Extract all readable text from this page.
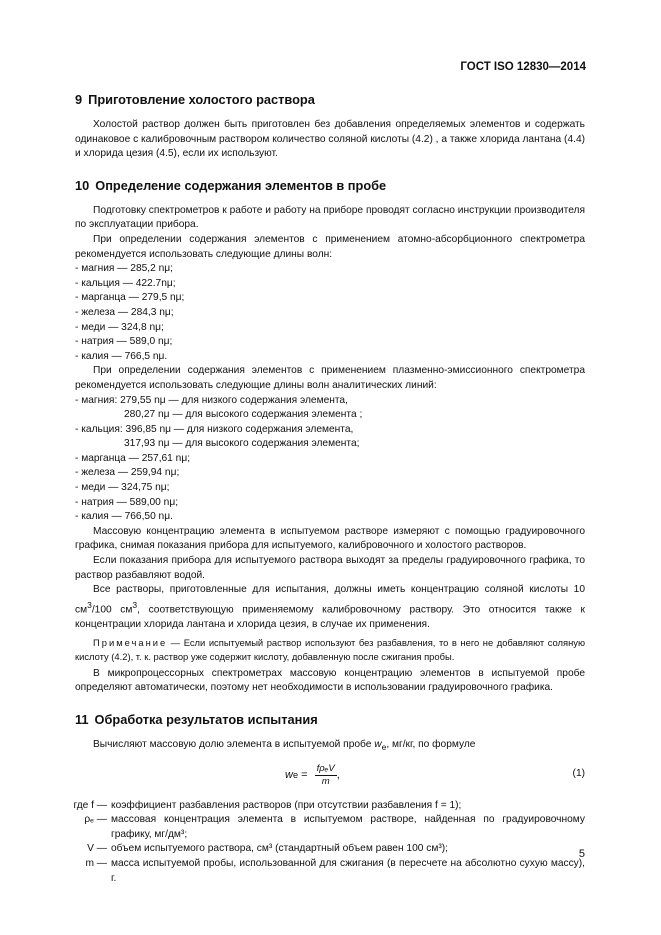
ГОСТ ISO 12830—2014
9 Приготовление холостого раствора

Холостой раствор должен быть приготовлен без добавления определяемых элементов и содержать одинаковое с калибровочным раствором количество соляной кислоты (4.2) , а также хлорида лантана (4.4) и хлорида цезия (4.5), если их используют.

10 Определение содержания элементов в пробе

Подготовку спектрометров к работе и работу на приборе проводят согласно инструкции производителя по эксплуатации прибора.

При определении содержания элементов с применением атомно-абсорбционного спектрометра рекомендуется использовать следующие длины волн:

- магния — 285,2 nμ;
- кальция — 422.7nμ;
- марганца — 279,5 nμ;
- железа — 284,3 nμ;
- меди — 324,8 nμ;
- натрия — 589,0 nμ;
- калия — 766,5 nμ.

При определении содержания элементов с применением плазменно-эмиссионного спектрометра рекомендуется использовать следующие длины волн аналитических линий:

- магния: 279,55 nμ — для низкого содержания элемента,
280,27 nμ — для высокого содержания элемента ;
- кальция: 396,85 nμ — для низкого содержания элемента,
317,93 nμ — для высокого содержания элемента;
- марганца — 257,61 nμ;
- железа — 259,94 nμ;
- меди — 324,75 nμ;
- натрия — 589,00 nμ;
- калия — 766,50 nμ.

Массовую концентрацию элемента в испытуемом растворе измеряют с помощью градуировочного графика, снимая показания прибора для испытуемого, калибровочного и холостого растворов.

Если показания прибора для испытуемого раствора выходят за пределы градуировочного графика, то раствор разбавляют водой.

Все растворы, приготовленные для испытания, должны иметь концентрацию соляной кислоты 10 $см^3/100$ $см^3$, соответствующую применяемому калибровочному раствору. Это относится также к концентрации хлорида лантана и хлорида цезия, в случае их применения.

Примечание — Если испытуемый раствор используют без разбавления, то в него не добавляют соляную кислоту (4.2), т. к. раствор уже содержит кислоту, добавленную после сжигания пробы.

В микропроцессорных спектрометрах массовую концентрацию элементов в испытуемой пробе определяют автоматически, поэтому нет необходимости в использовании градуировочного графика.

11 Обработка результатов испытания

Вычисляют массовую долю элемента в испытуемой пробе $w_e$, мг/кг, по формуле

w $e = \frac{\text{fρₑV}}{m}$ ,	(1)
где f — коэффициент разбавления растворов (при отсутствии разбавления f = 1);
ρₑ — массовая концентрация элемента в испытуемом растворе, найденная по градуировочному графику, мг/дм³;
V — объем испытуемого раствора, см³ (стандартный объем равен 100 см³);
m — масса испытуемой пробы, использованной для сжигания (в пересчете на абсолютно сухую массу), г.
5
